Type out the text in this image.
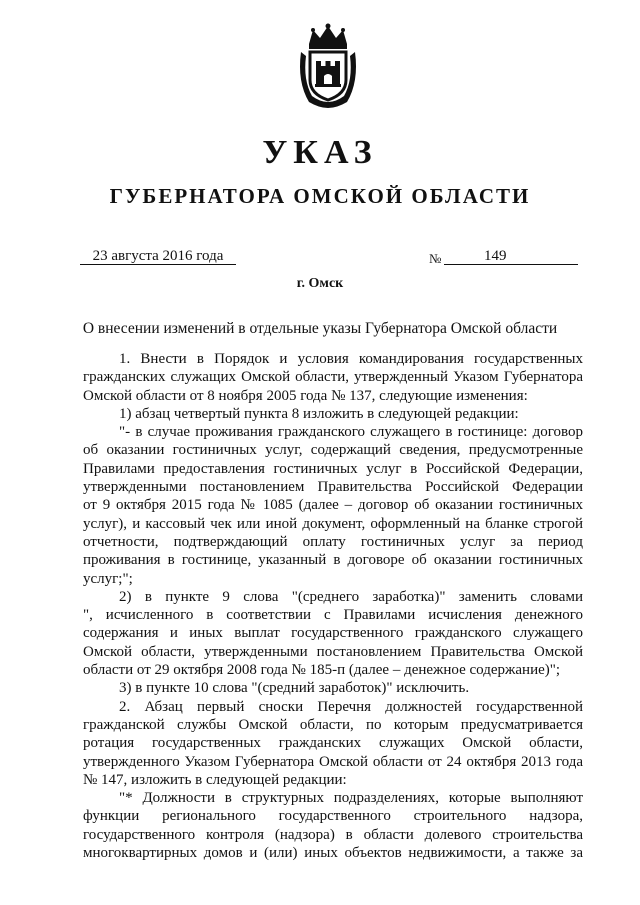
УКАЗ
ГУБЕРНАТОРА ОМСКОЙ ОБЛАСТИ
23 августа 2016 года	№	149
г. Омск
О внесении изменений в отдельные указы Губернатора Омской области
1. Внести в Порядок и условия командирования государственных
гражданских служащих Омской области, утвержденный Указом Губернатора
Омской области от 8 ноября 2005 года № 137, следующие изменения:
1) абзац четвертый пункта 8 изложить в следующей редакции:
"- в случае проживания гражданского служащего в гостинице: договор
об оказании гостиничных услуг, содержащий сведения, предусмотренные
Правилами предоставления гостиничных услуг в Российской Федерации,
утвержденными постановлением Правительства Российской Федерации
от 9 октября 2015 года № 1085 (далее – договор об оказании гостиничных
услуг), и кассовый чек или иной документ, оформленный на бланке строгой
отчетности, подтверждающий оплату гостиничных услуг за период
проживания в гостинице, указанный в договоре об оказании гостиничных
услуг;";
2) в пункте 9 слова "(среднего заработка)" заменить словами
", исчисленного в соответствии с Правилами исчисления денежного
содержания и иных выплат государственного гражданского служащего
Омской области, утвержденными постановлением Правительства Омской
области от 29 октября 2008 года № 185-п (далее – денежное содержание)";
3) в пункте 10 слова "(средний заработок)" исключить.
2. Абзац первый сноски Перечня должностей государственной
гражданской службы Омской области, по которым предусматривается
ротация государственных гражданских служащих Омской области,
утвержденного Указом Губернатора Омской области от 24 октября 2013 года
№ 147, изложить в следующей редакции:
"* Должности в структурных подразделениях, которые выполняют
функции регионального государственного строительного надзора,
государственного контроля (надзора) в области долевого строительства
многоквартирных домов и (или) иных объектов недвижимости, а также за
